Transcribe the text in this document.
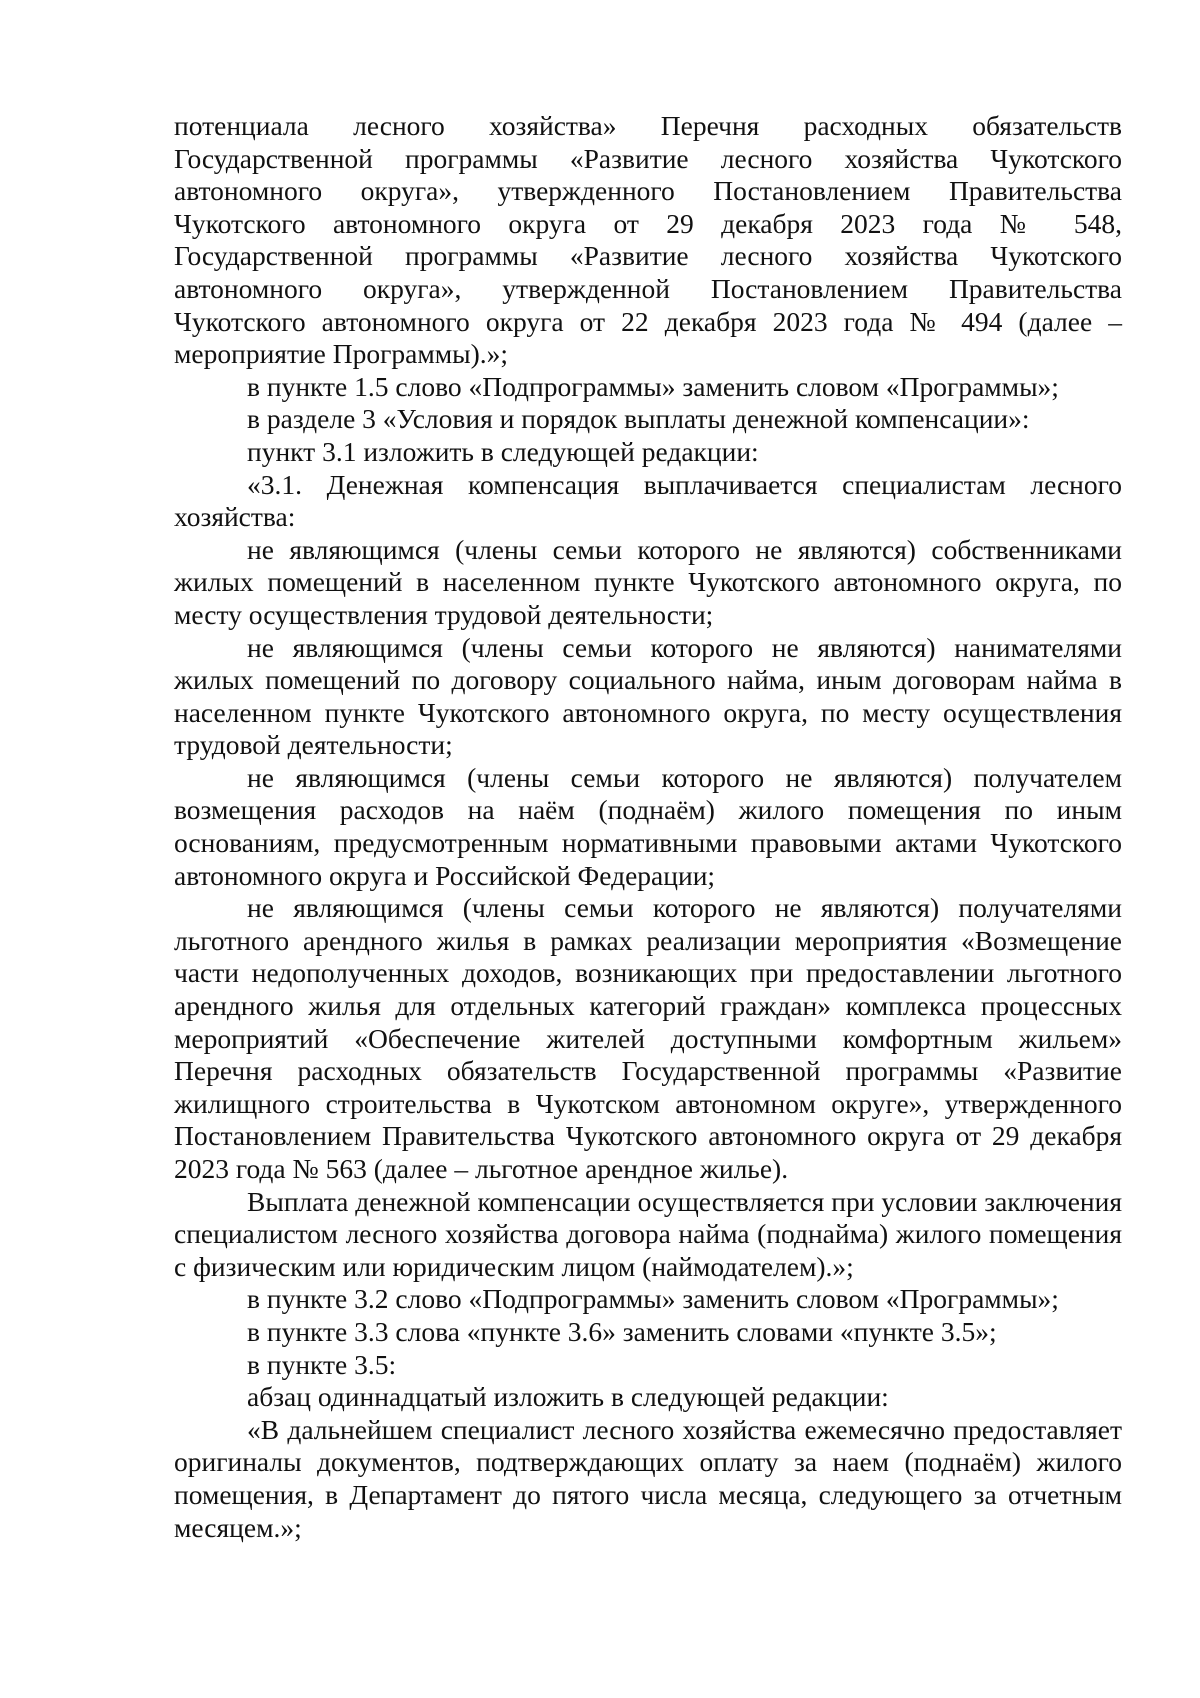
потенциала лесного хозяйства» Перечня расходных обязательств Государственной программы «Развитие лесного хозяйства Чукотского автономного округа», утвержденного Постановлением Правительства Чукотского автономного округа от 29 декабря 2023 года № 548, Государственной программы «Развитие лесного хозяйства Чукотского автономного округа», утвержденной Постановлением Правительства Чукотского автономного округа от 22 декабря 2023 года № 494 (далее – мероприятие Программы).»;

в пункте 1.5 слово «Подпрограммы» заменить словом «Программы»;

в разделе 3 «Условия и порядок выплаты денежной компенсации»:

пункт 3.1 изложить в следующей редакции:

«3.1. Денежная компенсация выплачивается специалистам лесного хозяйства:

не являющимся (члены семьи которого не являются) собственниками жилых помещений в населенном пункте Чукотского автономного округа, по месту осуществления трудовой деятельности;

не являющимся (члены семьи которого не являются) нанимателями жилых помещений по договору социального найма, иным договорам найма в населенном пункте Чукотского автономного округа, по месту осуществления трудовой деятельности;

не являющимся (члены семьи которого не являются) получателем возмещения расходов на наём (поднаём) жилого помещения по иным основаниям, предусмотренным нормативными правовыми актами Чукотского автономного округа и Российской Федерации;

не являющимся (члены семьи которого не являются) получателями льготного арендного жилья в рамках реализации мероприятия «Возмещение части недополученных доходов, возникающих при предоставлении льготного арендного жилья для отдельных категорий граждан» комплекса процессных мероприятий «Обеспечение жителей доступными комфортным жильем» Перечня расходных обязательств Государственной программы «Развитие жилищного строительства в Чукотском автономном округе», утвержденного Постановлением Правительства Чукотского автономного округа от 29 декабря 2023 года № 563 (далее – льготное арендное жилье).

Выплата денежной компенсации осуществляется при условии заключения специалистом лесного хозяйства договора найма (поднайма) жилого помещения с физическим или юридическим лицом (наймодателем).»;

в пункте 3.2 слово «Подпрограммы» заменить словом «Программы»;

в пункте 3.3 слова «пункте 3.6» заменить словами «пункте 3.5»;

в пункте 3.5:

абзац одиннадцатый изложить в следующей редакции:

«В дальнейшем специалист лесного хозяйства ежемесячно предоставляет оригиналы документов, подтверждающих оплату за наем (поднаём) жилого помещения, в Департамент до пятого числа месяца, следующего за отчетным месяцем.»;
